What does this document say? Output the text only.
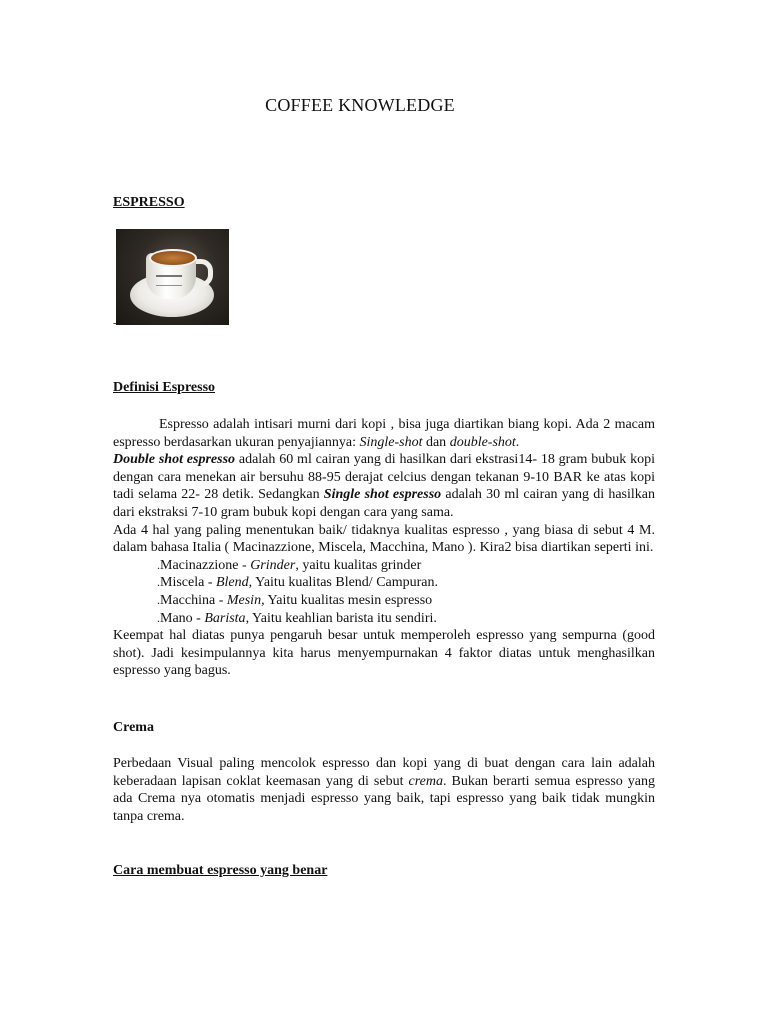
COFFEE KNOWLEDGE
ESPRESSO
-
Definisi Espresso

Espresso adalah intisari murni dari kopi , bisa juga diartikan biang kopi. Ada 2 macam espresso berdasarkan ukuran penyajiannya: Single-shot dan double-shot.

Double shot espresso adalah 60 ml cairan yang di hasilkan dari ekstrasi14- 18 gram bubuk kopi dengan cara menekan air bersuhu 88-95 derajat celcius dengan tekanan 9-10 BAR ke atas kopi tadi selama 22- 28 detik. Sedangkan Single shot espresso adalah 30 ml cairan yang di hasilkan dari ekstraksi 7-10 gram bubuk kopi dengan cara yang sama.

Ada 4 hal yang paling menentukan baik/ tidaknya kualitas espresso , yang biasa di sebut 4 M. dalam bahasa Italia ( Macinazzione, Miscela, Macchina, Mano ). Kira2 bisa diartikan seperti ini.

.Macinazzione - Grinder, yaitu kualitas grinder

.Miscela - Blend, Yaitu kualitas Blend/ Campuran.

.Macchina - Mesin, Yaitu kualitas mesin espresso

.Mano - Barista, Yaitu keahlian barista itu sendiri.

Keempat hal diatas punya pengaruh besar untuk memperoleh espresso yang sempurna (good shot). Jadi kesimpulannya kita harus menyempurnakan 4 faktor diatas untuk menghasilkan espresso yang bagus.

Crema

Perbedaan Visual paling mencolok espresso dan kopi yang di buat dengan cara lain adalah keberadaan lapisan coklat keemasan yang di sebut crema. Bukan berarti semua espresso yang ada Crema nya otomatis menjadi espresso yang baik, tapi espresso yang baik tidak mungkin tanpa crema.

Cara membuat espresso yang benar
